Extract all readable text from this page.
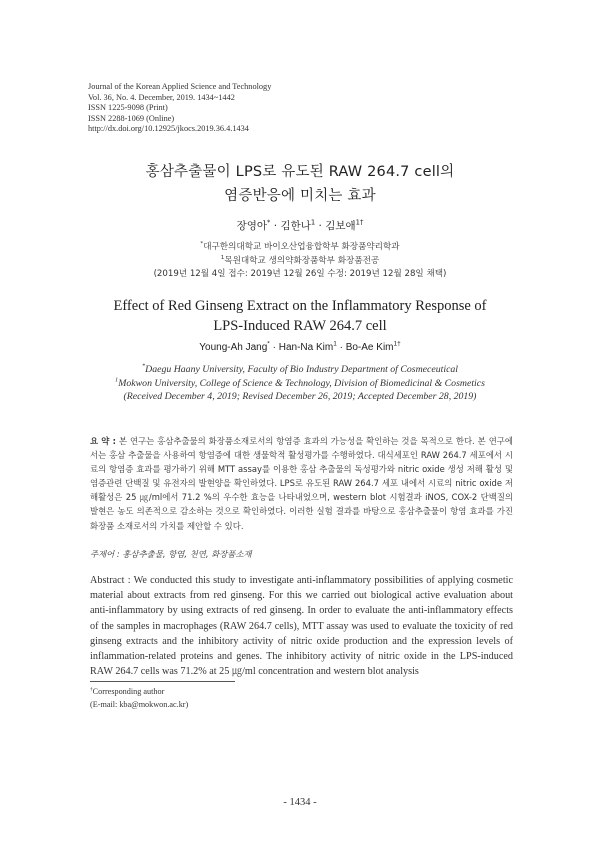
Journal of the Korean Applied Science and Technology
Vol. 36, No. 4. December, 2019. 1434~1442
ISSN 1225-9098 (Print)
ISSN 2288-1069 (Online)
http://dx.doi.org/10.12925/jkocs.2019.36.4.1434
홍삼추출물이 LPS로 유도된 RAW 264.7 cell의
염증반응에 미치는 효과
장영아* · 김한나$^1$ · 김보애$^{1\dagger}$
*대구한의대학교 바이오산업융합학부 화장품약리학과
$^1$목원대학교 생의약화장품학부 화장품전공
(2019년 12월 4일 접수: 2019년 12월 26일 수정: 2019년 12월 28일 채택)
Effect of Red Ginseng Extract on the Inflammatory Response of
LPS-Induced RAW 264.7 cell
Young-Ah Jang* · Han-Na Kim$^1$ · Bo-Ae Kim$^{1\dagger}$
*Daegu Haany University, Faculty of Bio Industry Department of Cosmeceutical
$^1$Mokwon University, College of Science & Technology, Division of Biomedicinal & Cosmetics
(Received December 4, 2019; Revised December 26, 2019; Accepted December 28, 2019)
요 약 : 본 연구는 홍삼추출물의 화장품소재로서의 항염증 효과의 가능성을 확인하는 것을 목적으로 한다. 본 연구에서는 홍삼 추출물을 사용하여 항염증에 대한 생물학적 활성평가를 수행하였다. 대식세포인 RAW 264.7 세포에서 시료의 항염증 효과를 평가하기 위해 MTT assay를 이용한 홍삼 추출물의 독성평가와 nitric oxide 생성 저해 활성 및 염증관련 단백질 및 유전자의 발현양을 확인하였다. LPS로 유도된 RAW 264.7 세포 내에서 시료의 nitric oxide 저해활성은 25 ㎍/ml에서 71.2 %의 우수한 효능을 나타내었으며, western blot 시험결과 iNOS, COX-2 단백질의 발현은 농도 의존적으로 감소하는 것으로 확인하였다. 이러한 실험 결과를 바탕으로 홍삼추출물이 항염 효과를 가진 화장품 소재로서의 가치를 제안할 수 있다.
주제어 : 홍삼추출물, 항염, 천연, 화장품소재
Abstract : We conducted this study to investigate anti-inflammatory possibilities of applying cosmetic material about extracts from red ginseng. For this we carried out biological active evaluation about anti-inflammatory by using extracts of red ginseng. In order to evaluate the anti-inflammatory effects of the samples in macrophages (RAW 264.7 cells), MTT assay was used to evaluate the toxicity of red ginseng extracts and the inhibitory activity of nitric oxide production and the expression levels of inflammation-related proteins and genes. The inhibitory activity of nitric oxide in the LPS-induced RAW 264.7 cells was 71.2% at 25 ㎍/ml concentration and western blot analysis
†Corresponding author
(E-mail: kba@mokwon.ac.kr)
- 1434 -
